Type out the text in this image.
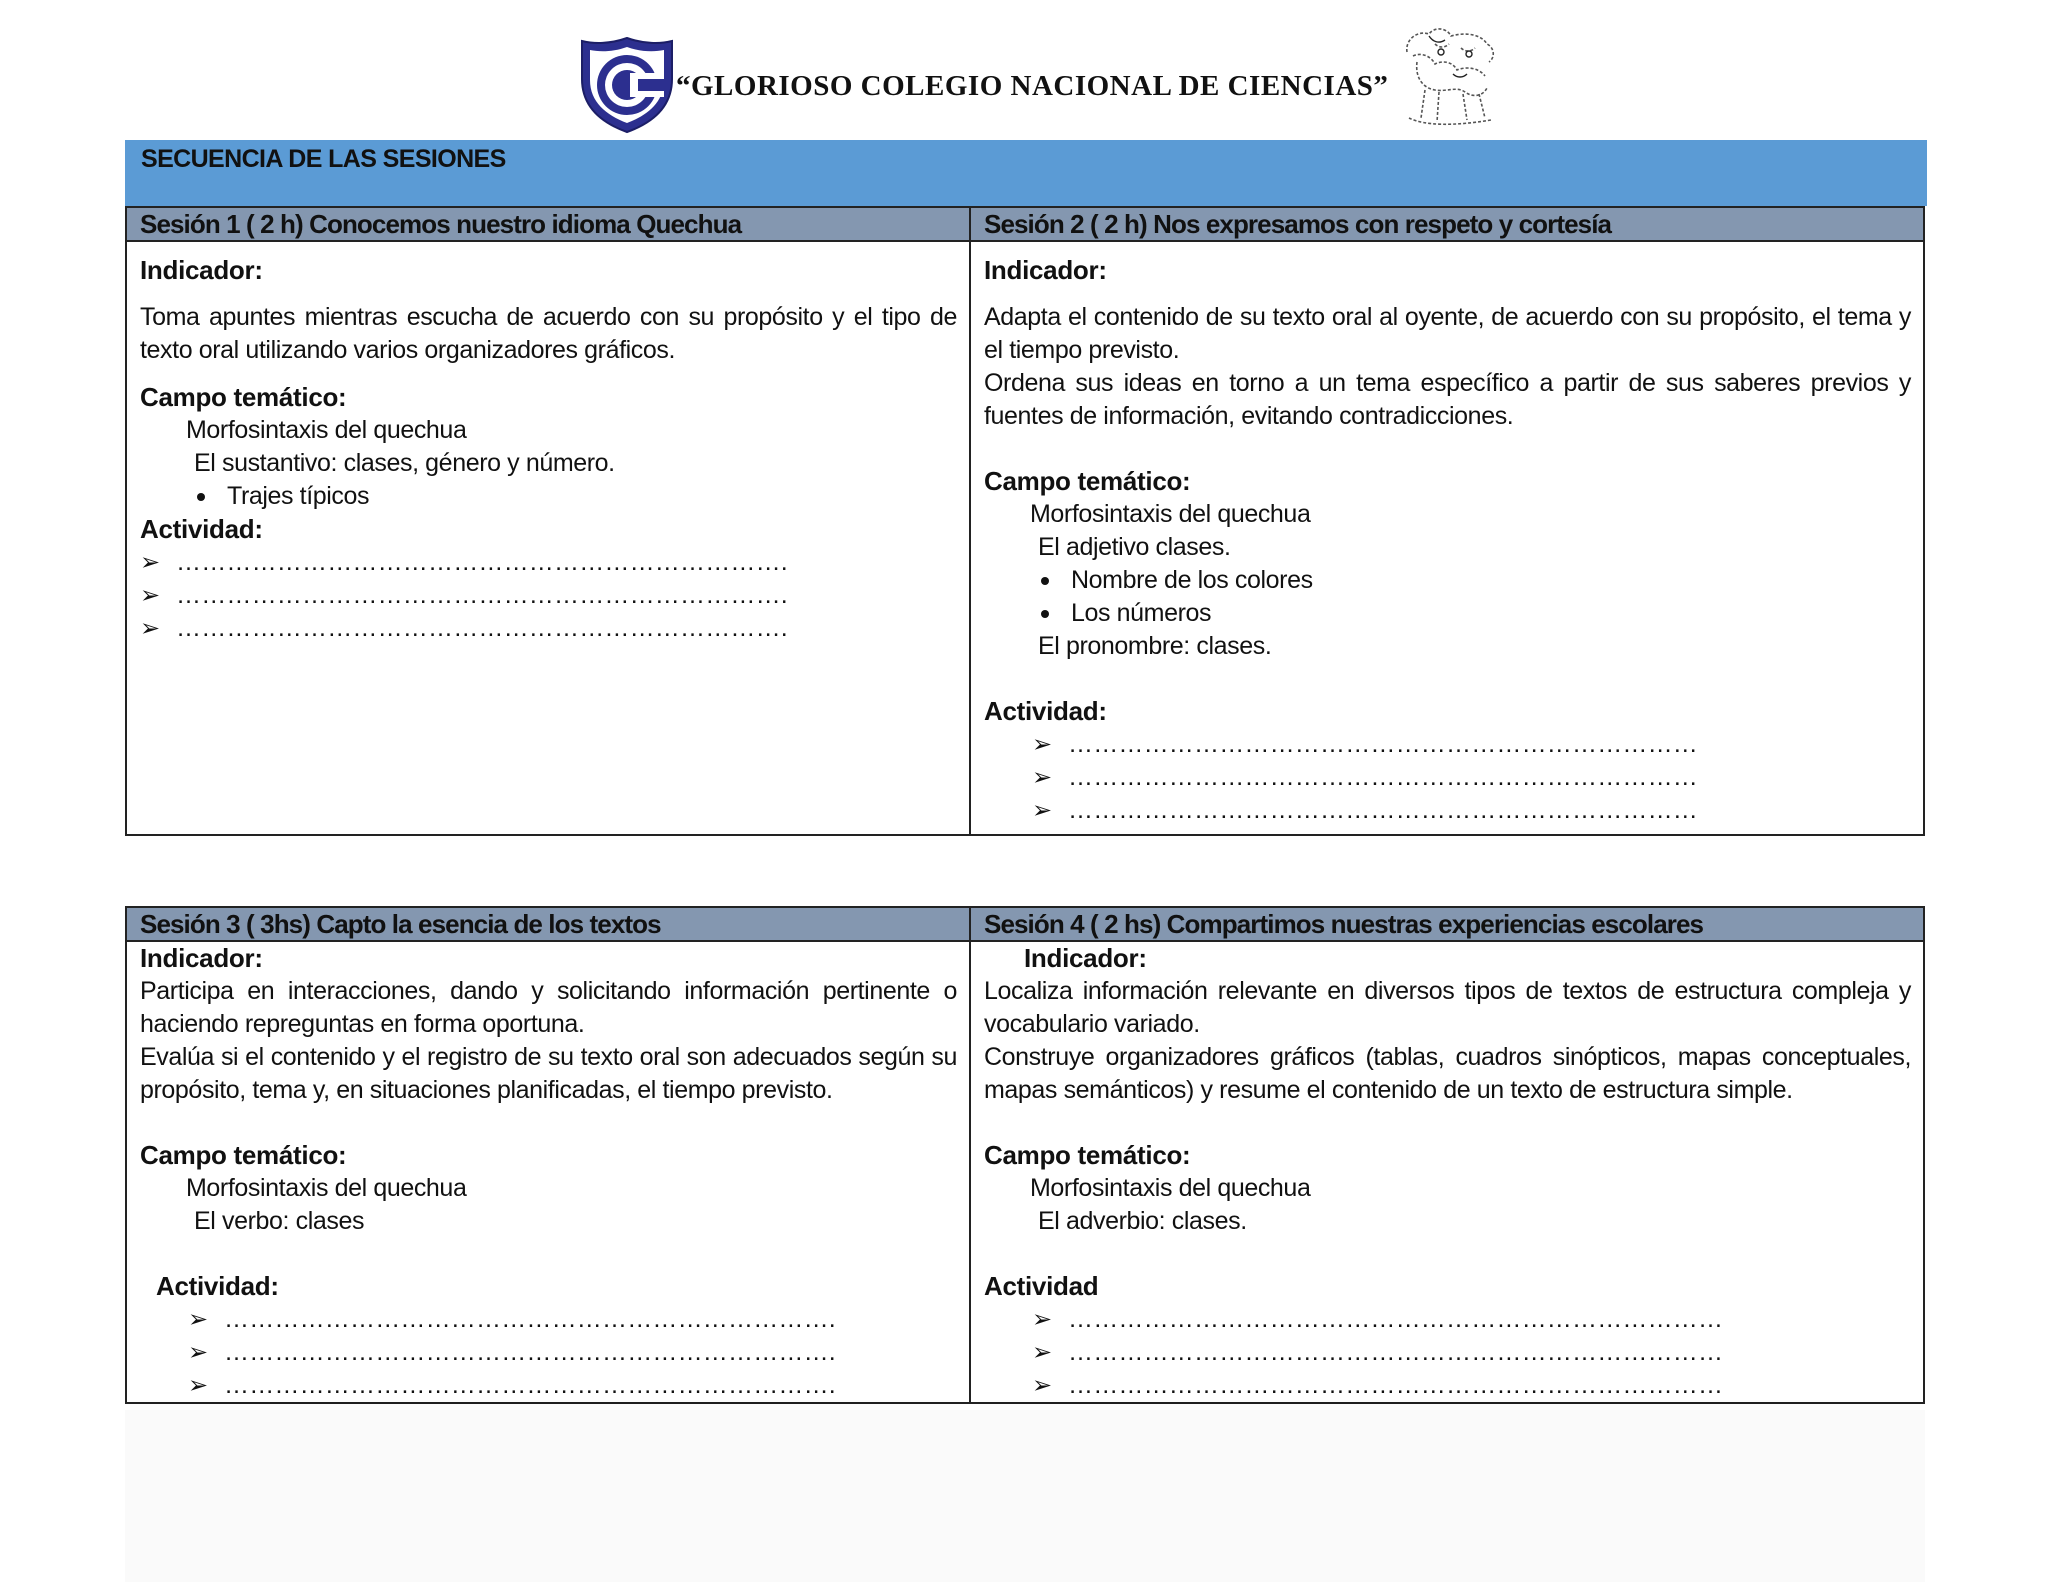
“GLORIOSO COLEGIO NACIONAL DE CIENCIAS”
SECUENCIA DE LAS SESIONES
Sesión 1 ( 2 h) Conocemos nuestro idioma Quechua
Indicador:
Toma apuntes mientras escucha de acuerdo con su propósito y el tipo de texto oral utilizando varios organizadores gráficos.
Campo temático:
Morfosintaxis del quechua
El sustantivo: clases, género y número.
Trajes típicos
Actividad:
➢ ……………………………………………………………….
➢ ……………………………………………………………….
➢ ……………………………………………………………….
Sesión 2 ( 2 h) Nos expresamos con respeto y cortesía
Indicador:
Adapta el contenido de su texto oral al oyente, de acuerdo con su propósito, el tema y el tiempo previsto.
Ordena sus ideas en torno a un tema específico a partir de sus saberes previos y fuentes de información, evitando contradicciones.
Campo temático:
Morfosintaxis del quechua
El adjetivo clases.
Nombre de los colores
Los números
El pronombre: clases.
Actividad:
➢ …………………………………………………………………
➢ …………………………………………………………………
➢ …………………………………………………………………
Sesión 3 ( 3hs) Capto la esencia de los textos
Indicador:
Participa en interacciones, dando y solicitando información pertinente o haciendo repreguntas en forma oportuna.
Evalúa si el contenido y el registro de su texto oral son adecuados según su propósito, tema y, en situaciones planificadas, el tiempo previsto.
Campo temático:
Morfosintaxis del quechua
El verbo: clases
Actividad:
➢ ……………………………………………………………….
➢ ……………………………………………………………….
➢ ……………………………………………………………….
Sesión 4 ( 2 hs) Compartimos nuestras experiencias escolares
Indicador:
Localiza información relevante en diversos tipos de textos de estructura compleja y vocabulario variado.
Construye organizadores gráficos (tablas, cuadros sinópticos, mapas conceptuales, mapas semánticos) y resume el contenido de un texto de estructura simple.
Campo temático:
Morfosintaxis del quechua
El adverbio: clases.
Actividad
➢ ……………………………………………………………………
➢ ……………………………………………………………………
➢ ……………………………………………………………………
